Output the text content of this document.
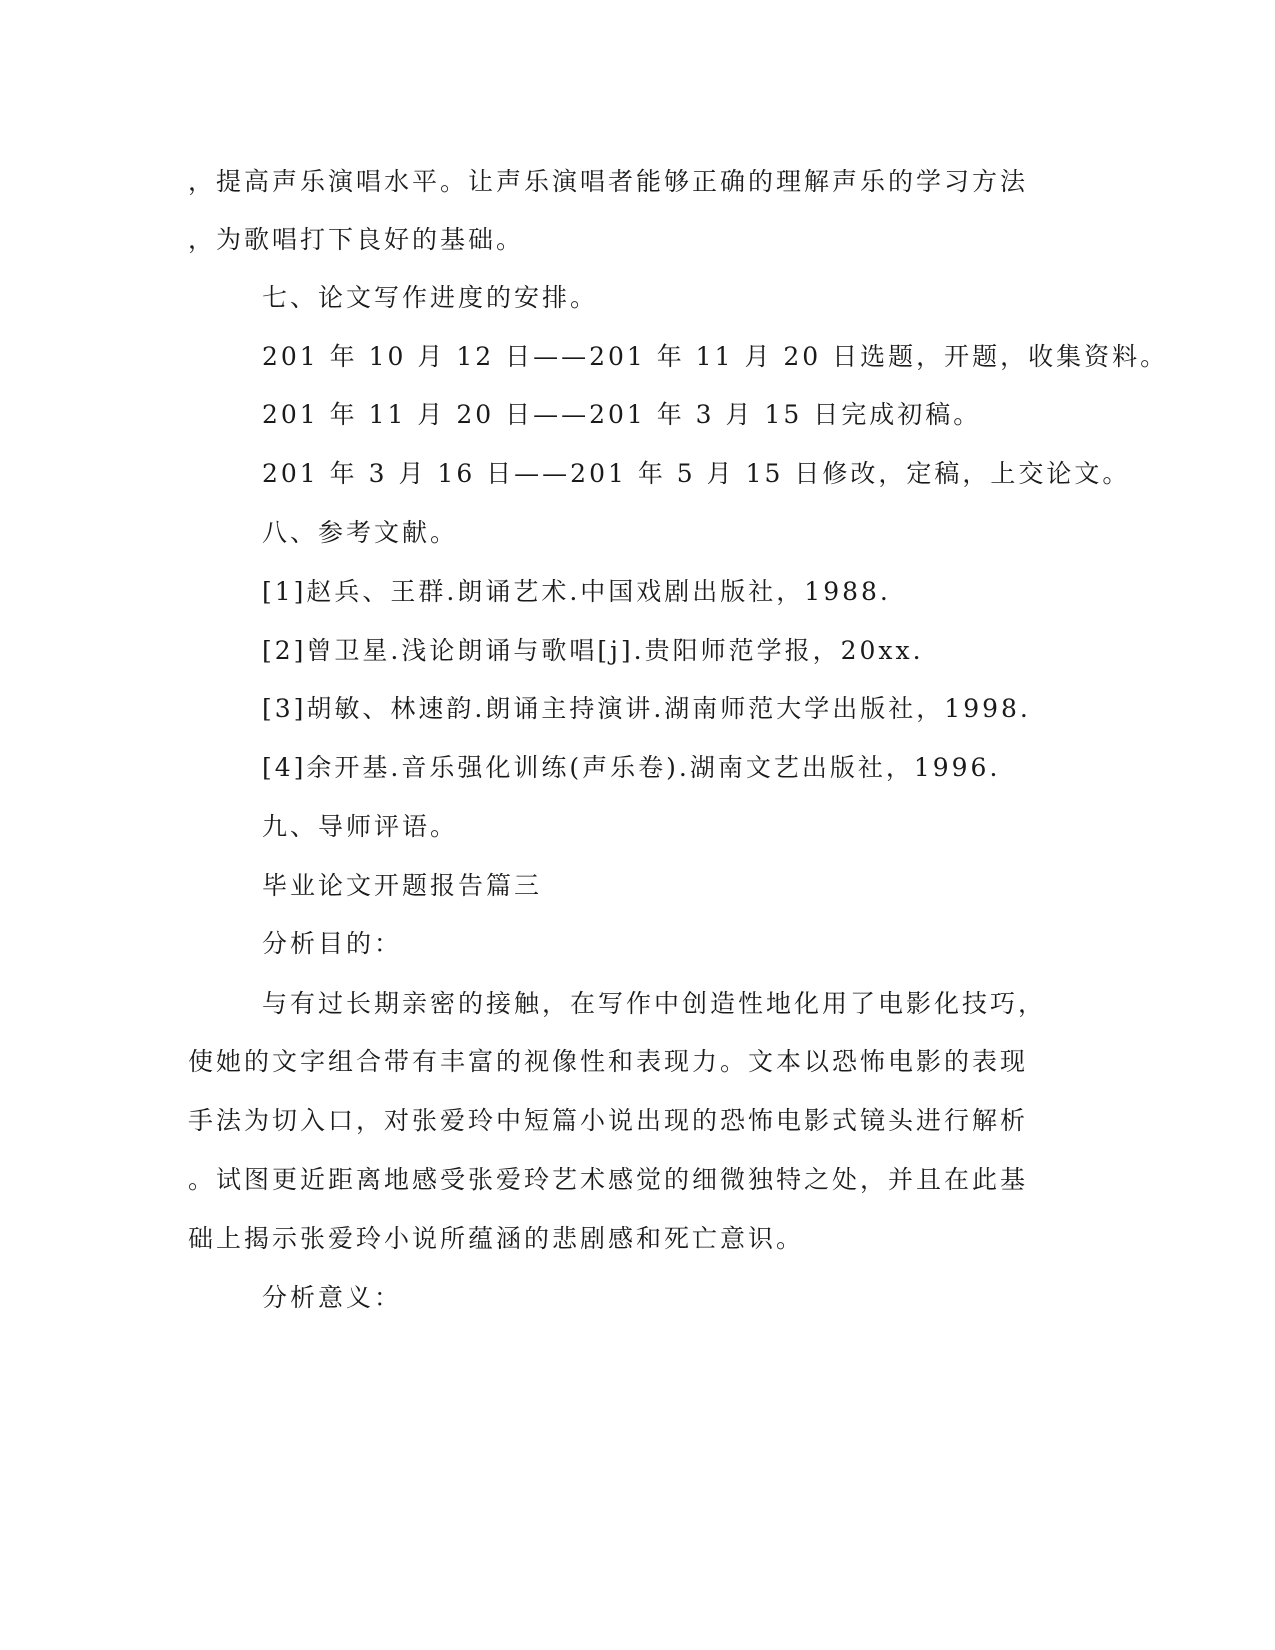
，提高声乐演唱水平。让声乐演唱者能够正确的理解声乐的学习方法
，为歌唱打下良好的基础。
七、论文写作进度的安排。
201 年 10 月 12 日——201 年 11 月 20 日选题，开题，收集资料。
201 年 11 月 20 日——201 年 3 月 15 日完成初稿。
201 年 3 月 16 日——201 年 5 月 15 日修改，定稿，上交论文。
八、参考文献。
[1]赵兵、王群.朗诵艺术.中国戏剧出版社，1988.
[2]曾卫星.浅论朗诵与歌唱[j].贵阳师范学报，20xx.
[3]胡敏、林速韵.朗诵主持演讲.湖南师范大学出版社，1998.
[4]余开基.音乐强化训练(声乐卷).湖南文艺出版社，1996.
九、导师评语。
毕业论文开题报告篇三
分析目的：
与有过长期亲密的接触，在写作中创造性地化用了电影化技巧，
使她的文字组合带有丰富的视像性和表现力。文本以恐怖电影的表现
手法为切入口，对张爱玲中短篇小说出现的恐怖电影式镜头进行解析
。试图更近距离地感受张爱玲艺术感觉的细微独特之处，并且在此基
础上揭示张爱玲小说所蕴涵的悲剧感和死亡意识。
分析意义：
